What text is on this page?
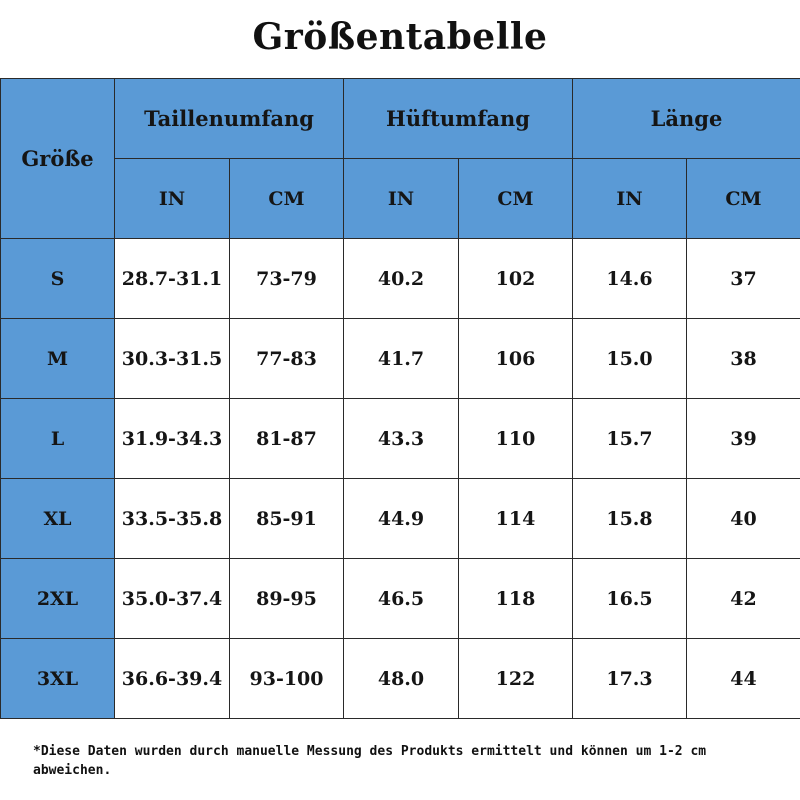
Größentabelle
Größe	Taillenumfang		Hüftumfang		Länge	
	IN	CM	IN	CM	IN	CM
S	28.7-31.1	73-79	40.2	102	14.6	37
M	30.3-31.5	77-83	41.7	106	15.0	38
L	31.9-34.3	81-87	43.3	110	15.7	39
XL	33.5-35.8	85-91	44.9	114	15.8	40
2XL	35.0-37.4	89-95	46.5	118	16.5	42
3XL	36.6-39.4	93-100	48.0	122	17.3	44
*Diese Daten wurden durch manuelle Messung des Produkts ermittelt und können um 1-2 cm abweichen.
